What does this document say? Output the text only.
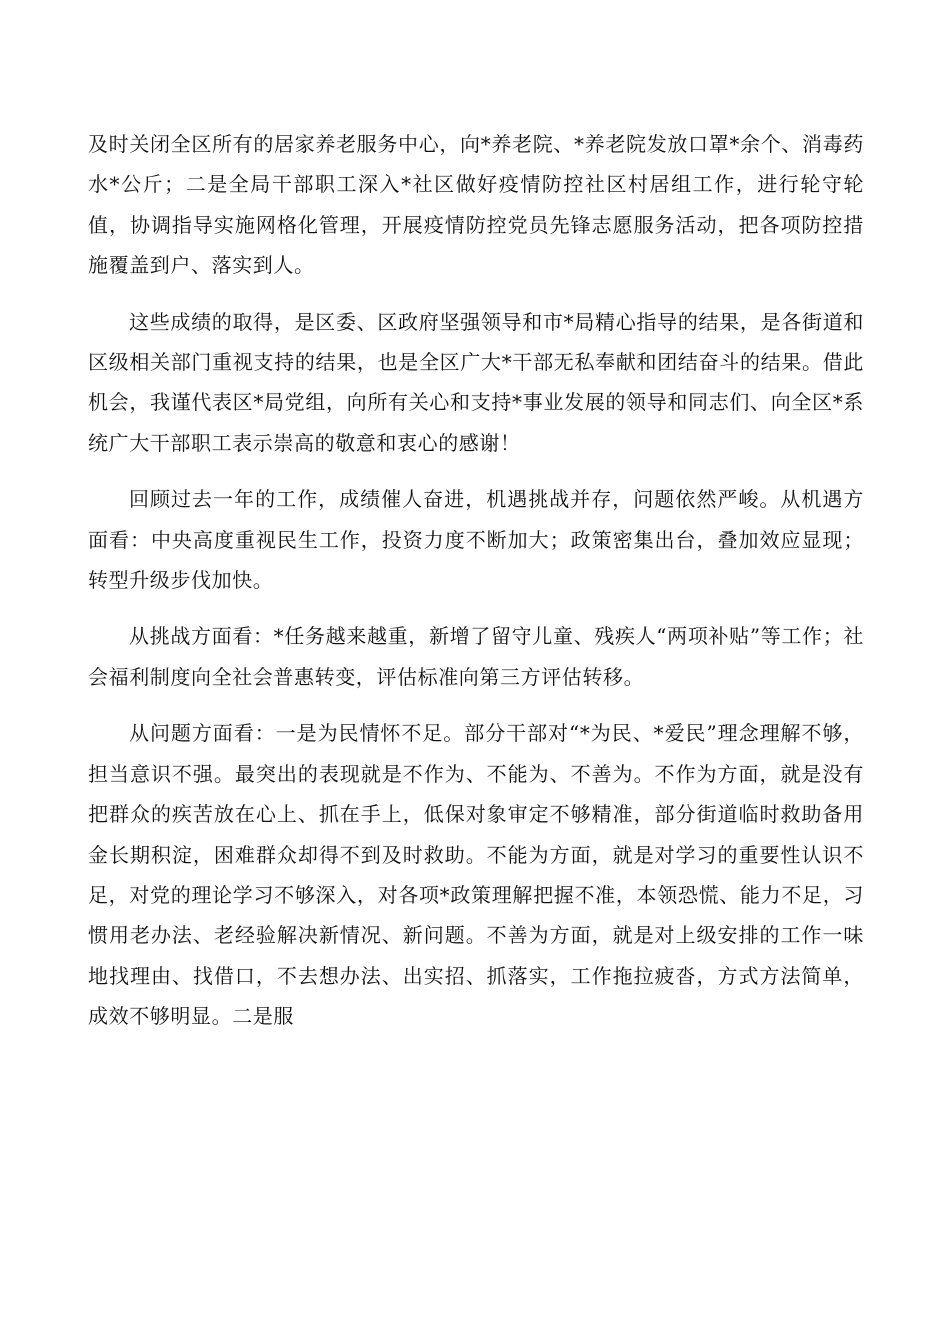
及时关闭全区所有的居家养老服务中心，向*养老院、*养老院发放口罩*余个、消毒药水*公斤；二是全局干部职工深入*社区做好疫情防控社区村居组工作，进行轮守轮值，协调指导实施网格化管理，开展疫情防控党员先锋志愿服务活动，把各项防控措施覆盖到户、落实到人。

这些成绩的取得，是区委、区政府坚强领导和市*局精心指导的结果，是各街道和区级相关部门重视支持的结果，也是全区广大*干部无私奉献和团结奋斗的结果。借此机会，我谨代表区*局党组，向所有关心和支持*事业发展的领导和同志们、向全区*系统广大干部职工表示崇高的敬意和衷心的感谢！

回顾过去一年的工作，成绩催人奋进，机遇挑战并存，问题依然严峻。从机遇方面看：中央高度重视民生工作，投资力度不断加大；政策密集出台，叠加效应显现；转型升级步伐加快。

从挑战方面看：*任务越来越重，新增了留守儿童、残疾人“两项补贴”等工作；社会福利制度向全社会普惠转变，评估标准向第三方评估转移。

从问题方面看：一是为民情怀不足。部分干部对“*为民、*爱民”理念理解不够，担当意识不强。最突出的表现就是不作为、不能为、不善为。不作为方面，就是没有把群众的疾苦放在心上、抓在手上，低保对象审定不够精准，部分街道临时救助备用金长期积淀，困难群众却得不到及时救助。不能为方面，就是对学习的重要性认识不足，对党的理论学习不够深入，对各项*政策理解把握不准，本领恐慌、能力不足，习惯用老办法、老经验解决新情况、新问题。不善为方面，就是对上级安排的工作一味地找理由、找借口，不去想办法、出实招、抓落实，工作拖拉疲沓，方式方法简单，成效不够明显。二是服
